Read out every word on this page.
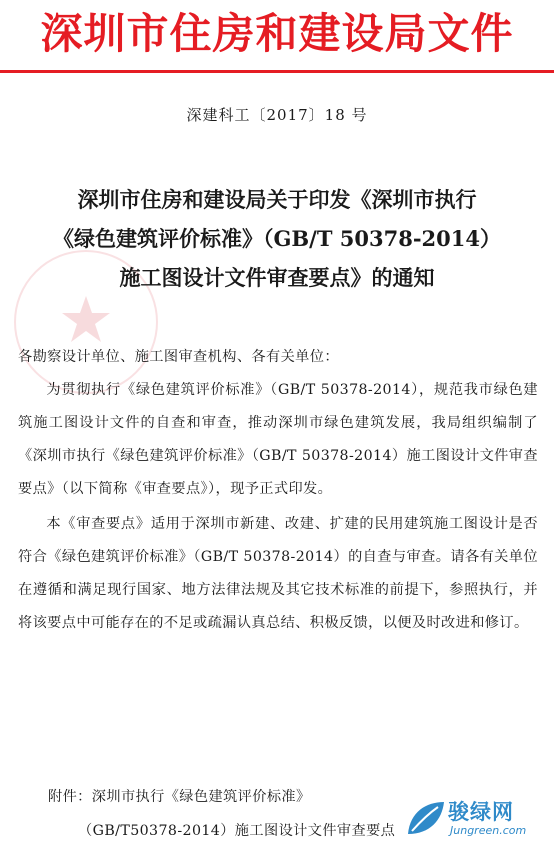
深圳市住房和建设局文件
深建科工〔2017〕18 号
深圳市住房和建设局关于印发《深圳市执行
《绿色建筑评价标准》（GB/T 50378-2014）
施工图设计文件审查要点》的通知
各勘察设计单位、施工图审查机构、各有关单位：
为贯彻执行《绿色建筑评价标准》（GB/T 50378-2014），规范我市绿色建筑施工图设计文件的自查和审查，推动深圳市绿色建筑发展，我局组织编制了《深圳市执行《绿色建筑评价标准》（GB/T 50378-2014）施工图设计文件审查要点》（以下简称《审查要点》），现予正式印发。
本《审查要点》适用于深圳市新建、改建、扩建的民用建筑施工图设计是否符合《绿色建筑评价标准》（GB/T 50378-2014）的自查与审查。请各有关单位在遵循和满足现行国家、地方法律法规及其它技术标准的前提下，参照执行，并将该要点中可能存在的不足或疏漏认真总结、积极反馈，以便及时改进和修订。
附件：深圳市执行《绿色建筑评价标准》
（GB/T50378-2014）施工图设计文件审查要点
骏绿网
Jungreen.com
